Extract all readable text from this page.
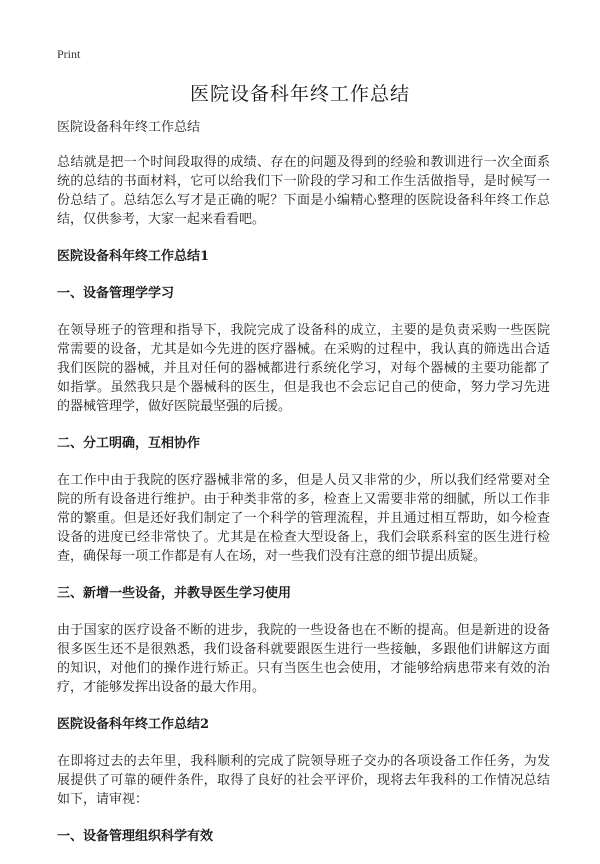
Print
医院设备科年终工作总结

医院设备科年终工作总结

总结就是把一个时间段取得的成绩、存在的问题及得到的经验和教训进行一次全面系统的总结的书面材料，它可以给我们下一阶段的学习和工作生活做指导，是时候写一份总结了。总结怎么写才是正确的呢？下面是小编精心整理的医院设备科年终工作总结，仅供参考，大家一起来看看吧。

医院设备科年终工作总结1

一、设备管理学学习

在领导班子的管理和指导下，我院完成了设备科的成立，主要的是负责采购一些医院常需要的设备，尤其是如今先进的医疗器械。在采购的过程中，我认真的筛选出合适我们医院的器械，并且对任何的器械都进行系统化学习，对每个器械的主要功能都了如指掌。虽然我只是个器械科的医生，但是我也不会忘记自己的使命，努力学习先进的器械管理学，做好医院最坚强的后援。

二、分工明确，互相协作

在工作中由于我院的医疗器械非常的多，但是人员又非常的少，所以我们经常要对全院的所有设备进行维护。由于种类非常的多，检查上又需要非常的细腻，所以工作非常的繁重。但是还好我们制定了一个科学的管理流程，并且通过相互帮助，如今检查设备的进度已经非常快了。尤其是在检查大型设备上，我们会联系科室的医生进行检查，确保每一项工作都是有人在场，对一些我们没有注意的细节提出质疑。

三、新增一些设备，并教导医生学习使用

由于国家的医疗设备不断的进步，我院的一些设备也在不断的提高。但是新进的设备很多医生还不是很熟悉，我们设备科就要跟医生进行一些接触，多跟他们讲解这方面的知识，对他们的操作进行矫正。只有当医生也会使用，才能够给病患带来有效的治疗，才能够发挥出设备的最大作用。

医院设备科年终工作总结2

在即将过去的去年里，我科顺利的完成了院领导班子交办的各项设备工作任务，为发展提供了可靠的硬件条件，取得了良好的社会平评价，现将去年我科的工作情况总结如下，请审视：

一、设备管理组织科学有效
